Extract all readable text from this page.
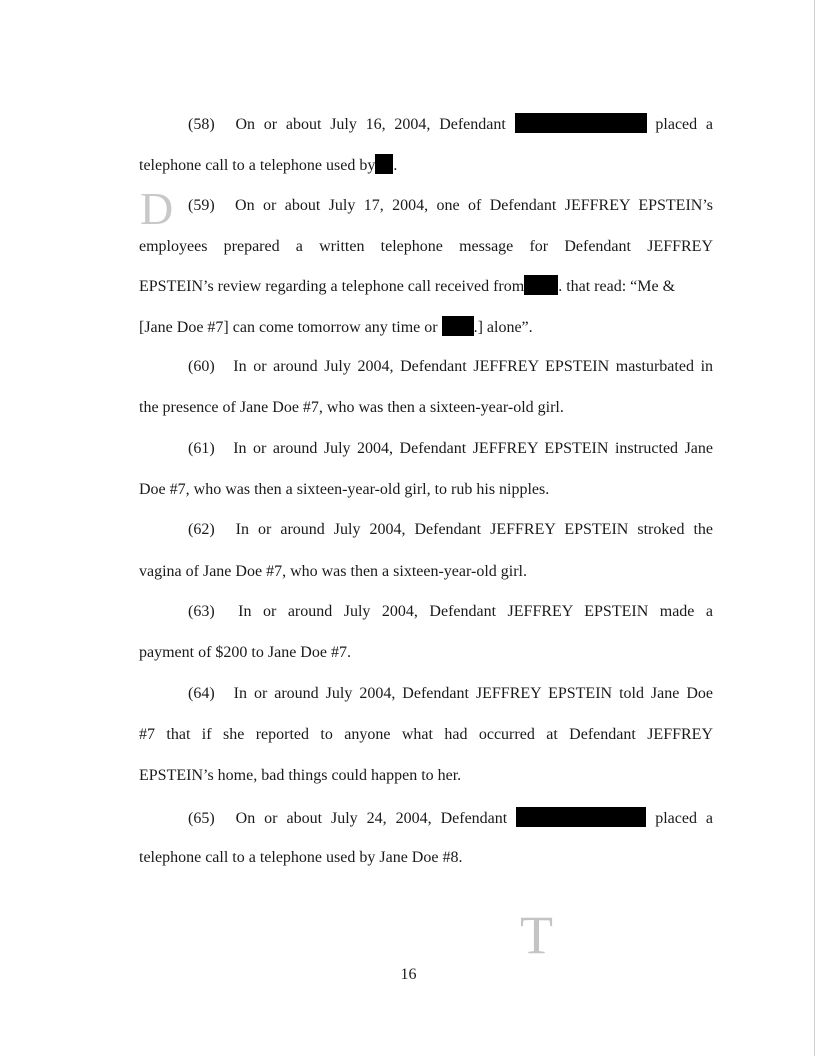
D
T

(58) On or about July 16, 2004, Defendant	placed a

telephone call to a telephone used by .

(59) On or about July 17, 2004, one of Defendant JEFFREY EPSTEIN’s

employees prepared a written telephone message for Defendant JEFFREY

EPSTEIN’s review regarding a telephone call received from . that read: “Me &

[Jane Doe #7] can come tomorrow any time or .] alone”.

(60) In or around July 2004, Defendant JEFFREY EPSTEIN masturbated in

the presence of Jane Doe #7, who was then a sixteen-year-old girl.

(61) In or around July 2004, Defendant JEFFREY EPSTEIN instructed Jane

Doe #7, who was then a sixteen-year-old girl, to rub his nipples.

(62) In or around July 2004, Defendant JEFFREY EPSTEIN stroked the

vagina of Jane Doe #7, who was then a sixteen-year-old girl.

(63) In or around July 2004, Defendant JEFFREY EPSTEIN made a

payment of $200 to Jane Doe #7.

(64) In or around July 2004, Defendant JEFFREY EPSTEIN told Jane Doe

#7 that if she reported to anyone what had occurred at Defendant JEFFREY

EPSTEIN’s home, bad things could happen to her.

(65) On or about July 24, 2004, Defendant	placed a

telephone call to a telephone used by Jane Doe #8.

16
